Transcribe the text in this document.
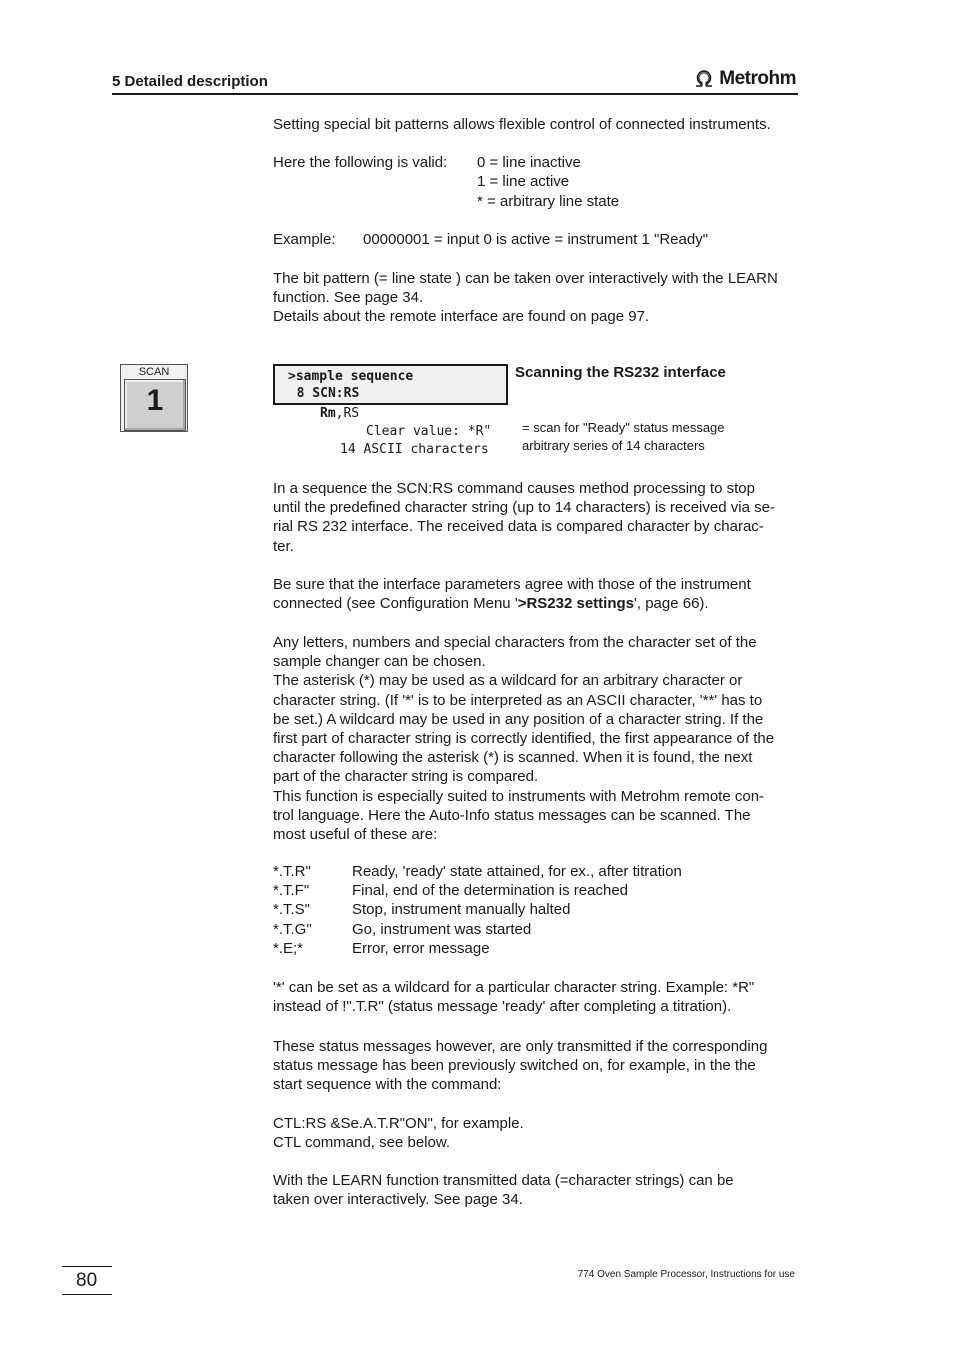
5 Detailed description	Metrohm

Setting special bit patterns allows flexible control of connected instruments.

Here the following is valid: 0 = line inactive

1 = line active

* = arbitrary line state

Example: 00000001 = input 0 is active = instrument 1 "Ready"

The bit pattern (= line state ) can be taken over interactively with the LEARN

function. See page 34.

Details about the remote interface are found on page 97.

SCAN
1
>sample sequence
8 SCN:RS
Scanning the RS232 interface
Rm,RS
Clear value: *R"
14 ASCII characters
= scan for "Ready" status message
arbitrary series of 14 characters

In a sequence the SCN:RS command causes method processing to stop

until the predefined character string (up to 14 characters) is received via se-

rial RS 232 interface. The received data is compared character by charac-

ter.

Be sure that the interface parameters agree with those of the instrument

connected (see Configuration Menu '>RS232 settings', page 66).

Any letters, numbers and special characters from the character set of the

sample changer can be chosen.

The asterisk (*) may be used as a wildcard for an arbitrary character or

character string. (If '*' is to be interpreted as an ASCII character, '**' has to

be set.) A wildcard may be used in any position of a character string. If the

first part of character string is correctly identified, the first appearance of the

character following the asterisk (*) is scanned. When it is found, the next

part of the character string is compared.

This function is especially suited to instruments with Metrohm remote con-

trol language. Here the Auto-Info status messages can be scanned. The

most useful of these are:

*.T.R"	Ready, 'ready' state attained, for ex., after titration
*.T.F"	Final, end of the determination is reached
*.T.S"	Stop, instrument manually halted
*.T.G"	Go, instrument was started
*.E;*	Error, error message

'*' can be set as a wildcard for a particular character string. Example: *R"

instead of !".T.R" (status message 'ready' after completing a titration).

These status messages however, are only transmitted if the corresponding

status message has been previously switched on, for example, in the the

start sequence with the command:

CTL:RS &Se.A.T.R"ON", for example.

CTL command, see below.

With the LEARN function transmitted data (=character strings) can be

taken over interactively. See page 34.

80	774 Oven Sample Processor, Instructions for use
